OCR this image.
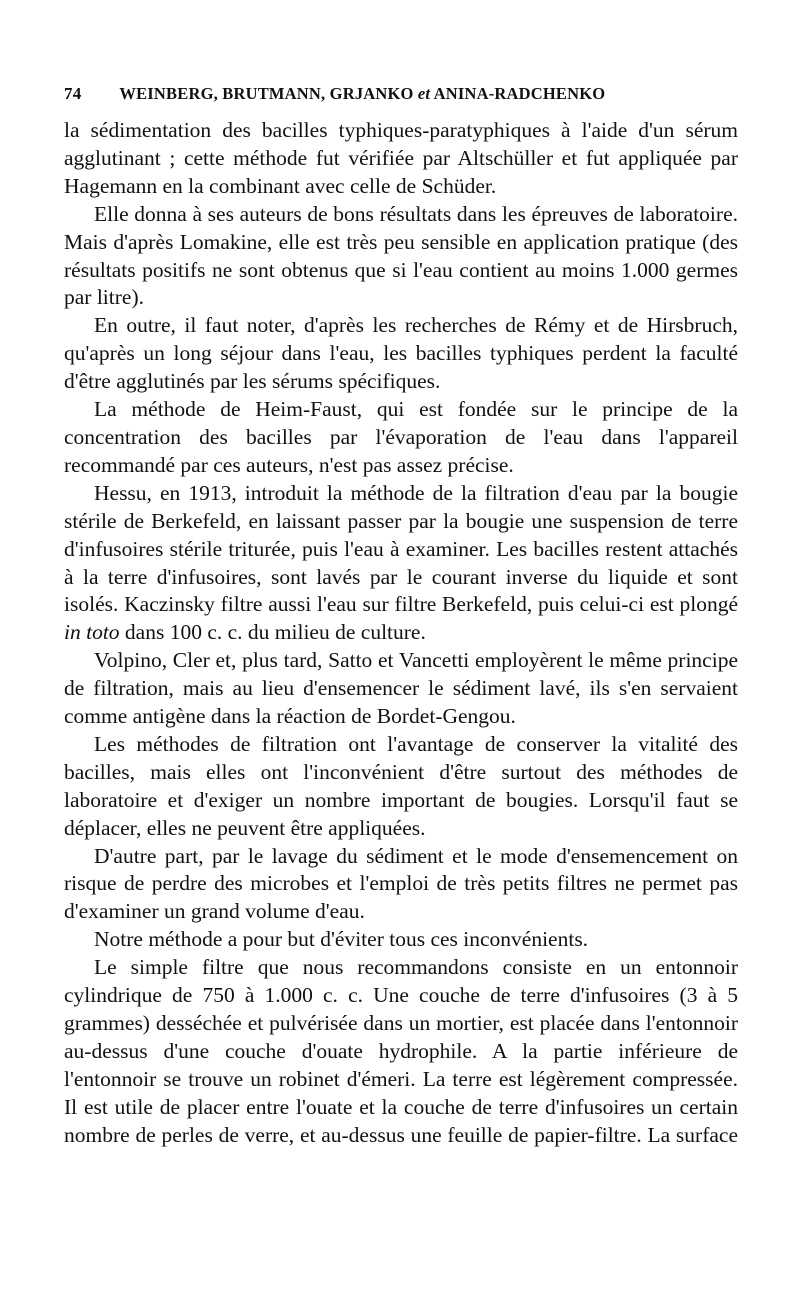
74 WEINBERG, BRUTMANN, GRJANKO et ANINA-RADCHENKO

la sédimentation des bacilles typhiques-paratyphiques à l'aide d'un sérum agglutinant ; cette méthode fut vérifiée par Altschüller et fut appliquée par Hagemann en la combinant avec celle de Schüder.

Elle donna à ses auteurs de bons résultats dans les épreuves de laboratoire. Mais d'après Lomakine, elle est très peu sensible en application pratique (des résultats positifs ne sont obtenus que si l'eau contient au moins 1.000 germes par litre).

En outre, il faut noter, d'après les recherches de Rémy et de Hirsbruch, qu'après un long séjour dans l'eau, les bacilles typhiques perdent la faculté d'être agglutinés par les sérums spécifiques.

La méthode de Heim-Faust, qui est fondée sur le principe de la concentration des bacilles par l'évaporation de l'eau dans l'appareil recommandé par ces auteurs, n'est pas assez précise.

Hessu, en 1913, introduit la méthode de la filtration d'eau par la bougie stérile de Berkefeld, en laissant passer par la bougie une suspension de terre d'infusoires stérile triturée, puis l'eau à examiner. Les bacilles restent attachés à la terre d'infusoires, sont lavés par le courant inverse du liquide et sont isolés. Kaczinsky filtre aussi l'eau sur filtre Berkefeld, puis celui-ci est plongé in toto dans 100 c. c. du milieu de culture.

Volpino, Cler et, plus tard, Satto et Vancetti employèrent le même principe de filtration, mais au lieu d'ensemencer le sédiment lavé, ils s'en servaient comme antigène dans la réaction de Bordet-Gengou.

Les méthodes de filtration ont l'avantage de conserver la vitalité des bacilles, mais elles ont l'inconvénient d'être surtout des méthodes de laboratoire et d'exiger un nombre important de bougies. Lorsqu'il faut se déplacer, elles ne peuvent être appliquées.

D'autre part, par le lavage du sédiment et le mode d'ensemencement on risque de perdre des microbes et l'emploi de très petits filtres ne permet pas d'examiner un grand volume d'eau.

Notre méthode a pour but d'éviter tous ces inconvénients.

Le simple filtre que nous recommandons consiste en un entonnoir cylindrique de 750 à 1.000 c. c. Une couche de terre d'infusoires (3 à 5 grammes) desséchée et pulvérisée dans un mortier, est placée dans l'entonnoir au-dessus d'une couche d'ouate hydrophile. A la partie inférieure de l'entonnoir se trouve un robinet d'émeri. La terre est légèrement compressée. Il est utile de placer entre l'ouate et la couche de terre d'infusoires un certain nombre de perles de verre, et au-dessus une feuille de papier-filtre. La surface
